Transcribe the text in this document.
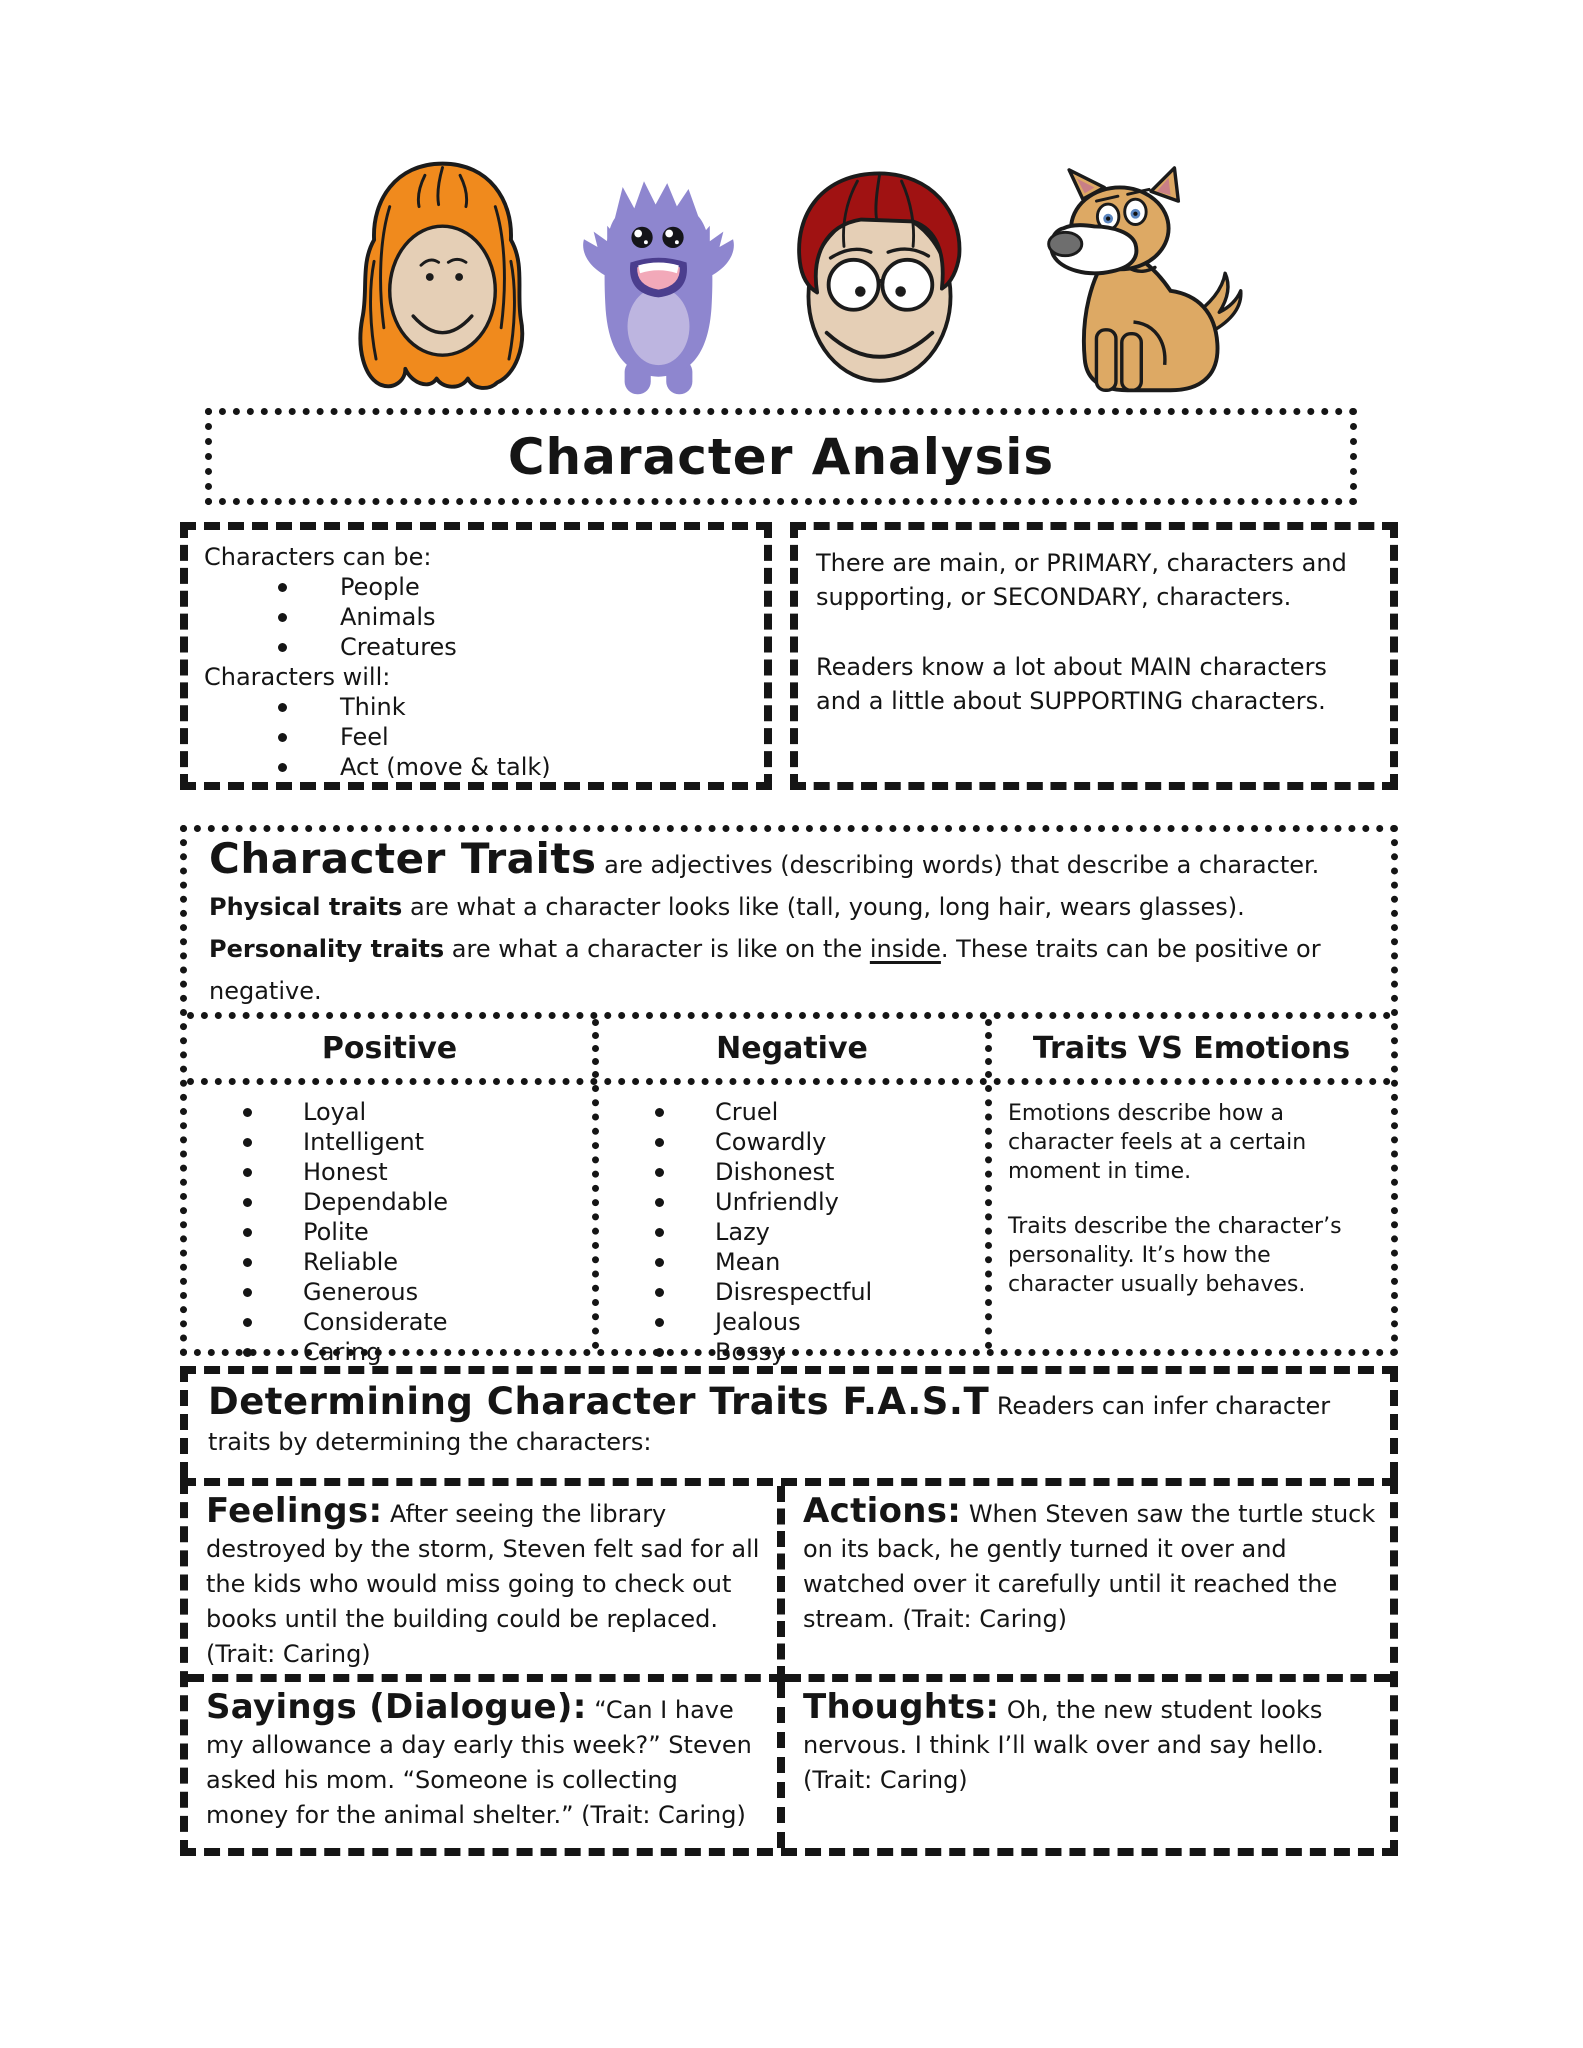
Character Analysis

Characters can be:

People
Animals
Creatures

Characters will:

Think
Feel
Act (move & talk)

There are main, or PRIMARY, characters and supporting, or SECONDARY, characters.

Readers know a lot about MAIN characters and a little about SUPPORTING characters.

Character Traits are adjectives (describing words) that describe a character.

Physical traits are what a character looks like (tall, young, long hair, wears glasses).

Personality traits are what a character is like on the inside. These traits can be positive or negative.

Positive	Negative	Traits VS Emotions
Loyal
Intelligent
Honest
Dependable
Polite
Reliable
Generous
Considerate
Caring
Cruel
Cowardly
Dishonest
Unfriendly
Lazy
Mean
Disrespectful
Jealous
Bossy

Emotions describe how a character feels at a certain moment in time.

Traits describe the character’s personality. It’s how the character usually behaves.

Determining Character Traits F.A.S.T Readers can infer character traits by determining the characters:

Feelings: After seeing the library destroyed by the storm, Steven felt sad for all the kids who would miss going to check out books until the building could be replaced. (Trait: Caring)

Actions: When Steven saw the turtle stuck on its back, he gently turned it over and watched over it carefully until it reached the stream. (Trait: Caring)

Sayings (Dialogue): “Can I have my allowance a day early this week?” Steven asked his mom. “Someone is collecting money for the animal shelter.” (Trait: Caring)

Thoughts: Oh, the new student looks nervous. I think I’ll walk over and say hello. (Trait: Caring)
